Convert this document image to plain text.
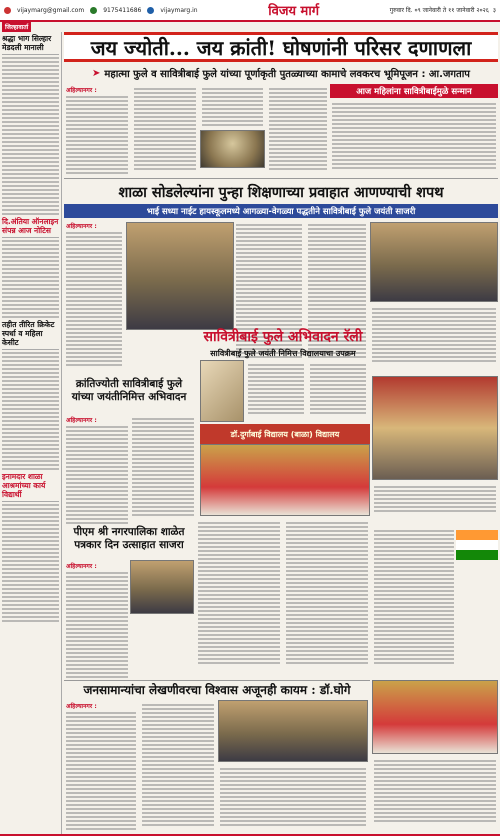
vijaymarg@gmail.com	9175411686	vijaymarg.in	विजय मार्ग	गुरुवार दि. ०९ जानेवारी ते ११ जानेवारी २०२६ ३
जिल्हावार्ता
श्रद्धा भाग सिल्हार मेडदली मानाली
दि.अंतिया ऑनलाइन संपन्न आज नोटिस
तहीत तीरित क्रिकेट स्पर्धा व महिला केसीट
इनामदार शाळा आश्रमांच्या कार्य विद्यार्थी
जय ज्योती... जय क्रांती! घोषणांनी परिसर दणाणला
➤ महात्मा फुले व सावित्रीबाई फुले यांच्या पूर्णाकृती पुतळ्याच्या कामाचे लवकरच भूमिपूजन : आ.जगताप
अहिल्यानगर :	आज महिलांना सावित्रीबाईमुळे सन्मान
शाळा सोडलेल्यांना पुन्हा शिक्षणाच्या प्रवाहात आणण्याची शपथ
भाई सध्या नाईट हायस्कूलमध्ये आगळ्या-वेगळ्या पद्धतीने सावित्रीबाई फुले जयंती साजरी
अहिल्यानगर :
सावित्रीबाई फुले अभिवादन रॅली
सावित्रीबाई फुले जयंती निमित्त विद्यालयाचा उपक्रम
क्रांतिज्योती सावित्रीबाई फुले यांच्या जयंतीनिमित्त अभिवादन
अहिल्यानगर :
डॉ.दुर्गाबाई विद्यालय (बाळा) विद्यालय
पीएम श्री नगरपालिका शाळेत पत्रकार दिन उत्साहात साजरा
अहिल्यानगर :
जनसामान्यांचा लेखणीवरचा विश्वास अजूनही कायम : डॉ.घोगे
अहिल्यानगर :
